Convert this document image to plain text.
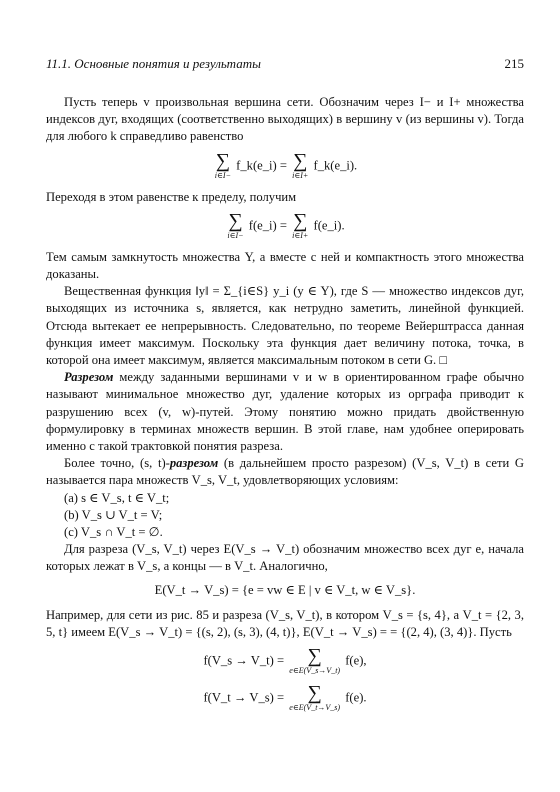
11.1. Основные понятия и результаты	215

Пусть теперь v произвольная вершина сети. Обозначим через I− и I+ множества индексов дуг, входящих (соответственно выходящих) в вершину v (из вершины v). Тогда для любого k справедливо равенство

∑
i∈I−
f_k(e_i) = ∑
i∈I+
f_k(e_i).

Переходя в этом равенстве к пределу, получим

∑
i∈I−
f(e_i) = ∑
i∈I+
f(e_i).

Тем самым замкнутость множества Y, а вместе с ней и компактность этого множества доказаны.

Вещественная функция ‖y‖ = Σ_{i∈S} y_i (y ∈ Y), где S — множество индексов дуг, выходящих из источника s, является, как нетрудно заметить, линейной функцией. Отсюда вытекает ее непрерывность. Следовательно, по теореме Вейерштрасса данная функция имеет максимум. Поскольку эта функция дает величину потока, точка, в которой она имеет максимум, является максимальным потоком в сети G. □

Разрезом между заданными вершинами v и w в ориентированном графе обычно называют минимальное множество дуг, удаление которых из орграфа приводит к разрушению всех (v, w)-путей. Этому понятию можно придать двойственную формулировку в терминах множеств вершин. В этой главе, нам удобнее оперировать именно с такой трактовкой понятия разреза.

Более точно, (s, t)-разрезом (в дальнейшем просто разрезом) (V_s, V_t) в сети G называется пара множеств V_s, V_t, удовлетворяющих условиям:

(a) s ∈ V_s, t ∈ V_t;
(b) V_s ∪ V_t = V;
(c) V_s ∩ V_t = ∅.

Для разреза (V_s, V_t) через E(V_s → V_t) обозначим множество всех дуг e, начала которых лежат в V_s, а концы — в V_t. Аналогично,

E(V_t → V_s) = {e = vw ∈ E | v ∈ V_t, w ∈ V_s}.

Например, для сети из рис. 85 и разреза (V_s, V_t), в котором V_s = {s, 4}, а V_t = {2, 3, 5, t} имеем E(V_s → V_t) = {(s, 2), (s, 3), (4, t)}, E(V_t → V_s) = = {(2, 4), (3, 4)}. Пусть

f(V_s → V_t) =	∑
e∈E(V_s→V_t)
f(e),
f(V_t → V_s) =	∑
e∈E(V_t→V_s)
f(e).
